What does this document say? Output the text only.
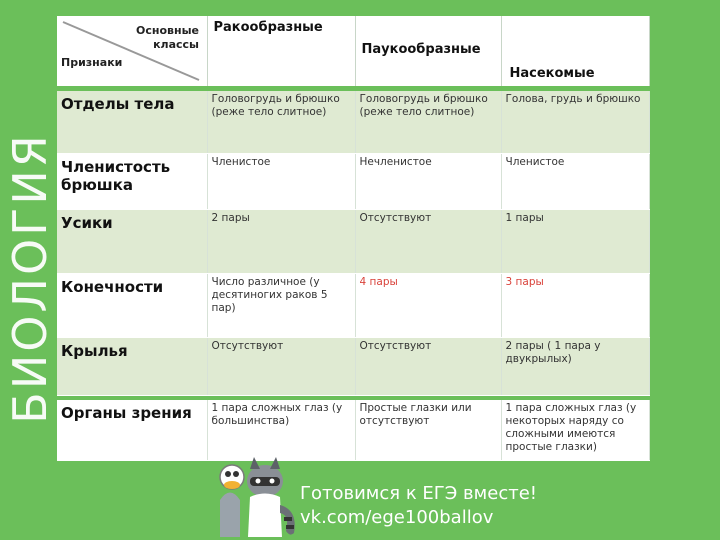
БИОЛОГИЯ
Основные классы
Признаки	Ракообразные	Паукообразные	Насекомые

Отделы тела	Головогрудь и брюшко (реже тело слитное)	Головогрудь и брюшко (реже тело слитное)	Голова, грудь и брюшко
Членистость брюшка	Членистое	Нечленистое	Членистое
Усики	2 пары	Отсутствуют	1 пары
Конечности	Число различное (у десятиногих раков 5 пар)	4 пары	3 пары
Крылья	Отсутствуют	Отсутствуют	2 пары ( 1 пара у двукрылых)

Органы зрения	1 пара сложных глаз (у большинства)	Простые глазки или отсутствуют	1 пара сложных глаз (у некоторых наряду со сложными имеются простые глазки)
Готовимся к ЕГЭ вместе!
vk.com/ege100ballov
